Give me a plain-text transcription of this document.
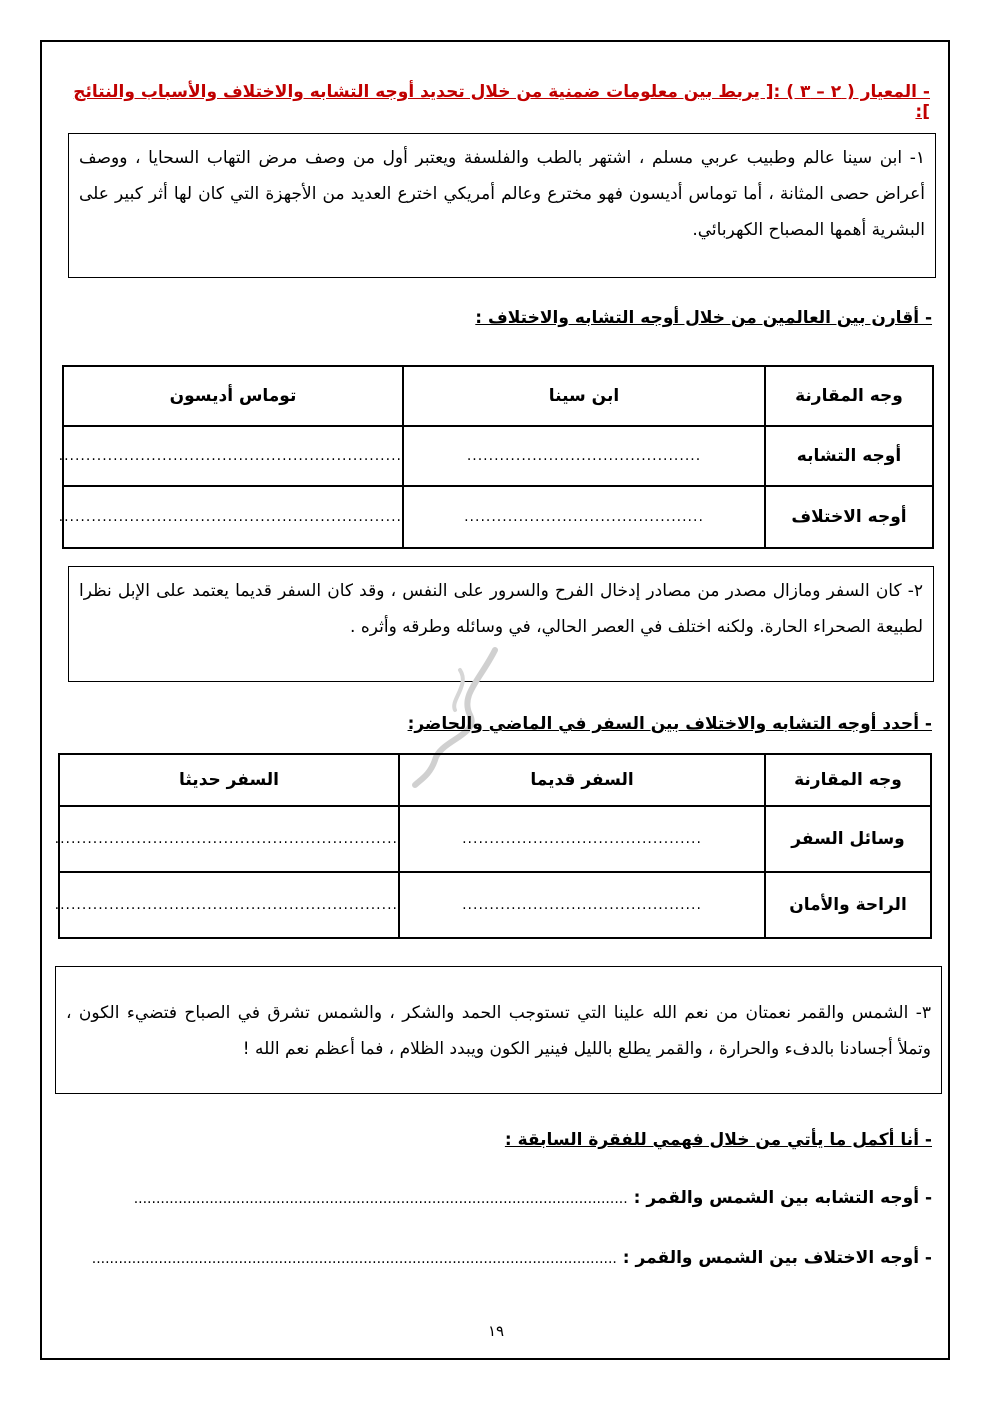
- المعيار ( ٢ – ٣ ) :[ يربط بين معلومات ضمنية من خلال تحديد أوجه التشابه والاختلاف والأسباب والنتائج ]:
١- ابن سينا عالم وطبيب عربي مسلم ، اشتهر بالطب والفلسفة ويعتبر أول من وصف مرض التهاب السحايا ، ووصف أعراض حصى المثانة ، أما توماس أديسون فهو مخترع وعالم أمريكي اخترع العديد من الأجهزة التي كان لها أثر كبير على البشرية أهمها المصباح الكهربائي.
- أقارن بين العالمين من خلال أوجه التشابه والاختلاف :
وجه المقارنة	ابن سينا	توماس أديسون
أوجه التشابه	...........................................	...............................................................
أوجه الاختلاف	............................................	...............................................................
٢- كان السفر ومازال مصدر من مصادر إدخال الفرح والسرور على النفس ، وقد كان السفر قديما يعتمد على الإبل نظرا لطبيعة الصحراء الحارة. ولكنه اختلف في العصر الحالي، في وسائله وطرقه وأثره .
- أحدد أوجه التشابه والاختلاف بين السفر في الماضي والحاضر:
وجه المقارنة	السفر قديما	السفر حديثا
وسائل السفر	............................................	...............................................................
الراحة والأمان	............................................	...............................................................
٣- الشمس والقمر نعمتان من نعم الله علينا التي تستوجب الحمد والشكر ، والشمس تشرق في الصباح فتضيء الكون ، وتملأ أجسادنا بالدفء والحرارة ، والقمر يطلع بالليل فينير الكون ويبدد الظلام ، فما أعظم نعم الله !
- أنا أكمل ما يأتي من خلال فهمي للفقرة السابقة :
- أوجه التشابه بين الشمس والقمر : ...............................................................................................................
- أوجه الاختلاف بين الشمس والقمر : ......................................................................................................................
١٩
